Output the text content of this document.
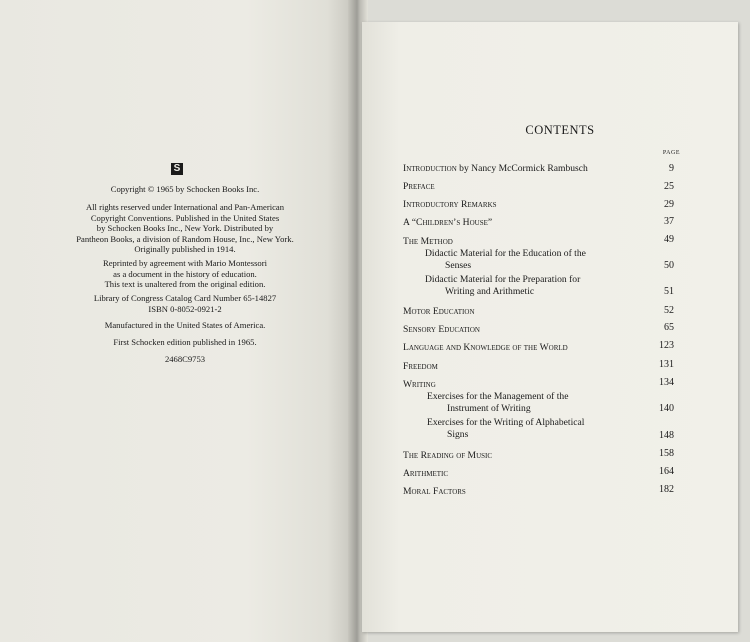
S
Copyright © 1965 by Schocken Books Inc.
All rights reserved under International and Pan-American
Copyright Conventions. Published in the United States
by Schocken Books Inc., New York. Distributed by
Pantheon Books, a division of Random House, Inc., New York.
Originally published in 1914.
Reprinted by agreement with Mario Montessori
as a document in the history of education.
This text is unaltered from the original edition.
Library of Congress Catalog Card Number 65-14827
ISBN 0-8052-0921-2
Manufactured in the United States of America.
First Schocken edition published in 1965.
2468C9753
CONTENTS
PAGE
Introduction by Nancy McCormick Rambusch	9
Preface	25
Introductory Remarks	29
A “Children’s House”	37
The Method	49
Didactic Material for the Education of the
Senses	50
Didactic Material for the Preparation for
Writing and Arithmetic	51
Motor Education	52
Sensory Education	65
Language and Knowledge of the World	123
Freedom	131
Writing	134
Exercises for the Management of the
Instrument of Writing	140
Exercises for the Writing of Alphabetical
Signs	148
The Reading of Music	158
Arithmetic	164
Moral Factors	182
